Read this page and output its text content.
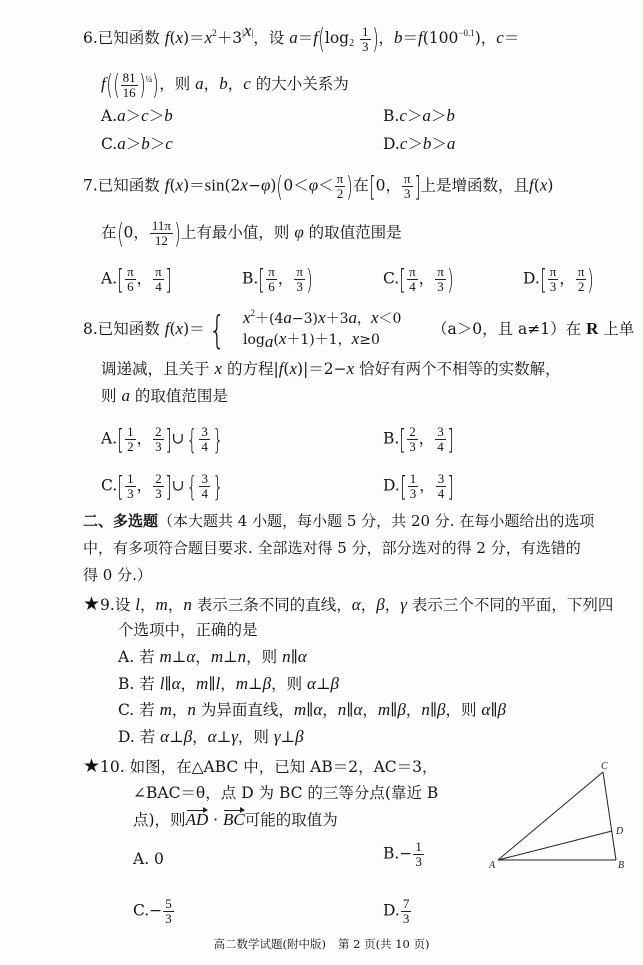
6.已知函数 $f(x)=x^2+3^{|x|}$，设 $a=f(\log_2 \frac{1}{3}$ )，$b=f(100^{-0.1})$，c＝
$f(( \frac{81}{16} )^{\frac{1}{4}})$，则 a，b，c 的大小关系为
A.a＞c＞b	B.c＞a＞b
C.a＞b＞c	D.c＞b＞a
7.已知函数 $f(x)=\sin(2x-\varphi)(0<\varphi< \frac{\pi}{2}$ )在[0， $\frac{\pi}{3}$ ]上是增函数，且f(x)
在(0， $\frac{11\pi}{12}$ )上有最小值，则 φ 的取值范围是
$A.[ \frac{\pi}{6}$ ， $\frac{\pi}{4}$ ]	$B.[ \frac{\pi}{6}$ ， $\frac{\pi}{3}$ )	$C.[ \frac{\pi}{4}$ ， $\frac{\pi}{3}$ )	$D.[ \frac{\pi}{3}$ ， $\frac{\pi}{2}$ )
8.已知函数 f(x)＝{ $x^2+(4a-3)x+3a$，x＜0
$\log_a(x+1)+1$，x≥0
（a＞0，且 a≠1）在 R 上单
调递减，且关于 x 的方程|f(x)|＝2−x 恰好有两个不相等的实数解，
则 a 的取值范围是
$A.[ \frac{1}{2}$ ， $\frac{2}{3}$ ]∪{ $\frac{3}{4}$ }	$B.[ \frac{2}{3}$ ， $\frac{3}{4}$ ]
$C.[ \frac{1}{3}$ ， $\frac{2}{3}$ ]∪{ $\frac{3}{4}$ }	$D.[ \frac{1}{3}$ ， $\frac{3}{4}$ ]
二、多选题（本大题共 4 小题，每小题 5 分，共 20 分. 在每小题给出的选项
中，有多项符合题目要求. 全部选对得 5 分，部分选对的得 2 分，有选错的
得 0 分.）
★9.设 l，m，n 表示三条不同的直线，α，β，γ 表示三个不同的平面，下列四
个选项中，正确的是
A. 若 m⊥α，m⊥n，则 n∥α
B. 若 l∥α，m∥l，m⊥β，则 α⊥β
C. 若 m，n 为异面直线，m∥α，n∥α，m∥β，n∥β，则 α∥β
D. 若 α⊥β，α⊥γ，则 γ⊥β
★10. 如图，在△ABC 中，已知 AB＝2，AC＝3，
∠BAC＝θ，点 D 为 BC 的三等分点(靠近 B
点)，则AD · BC可能的取值为
A. 0	$B.- \frac{1}{3}$
$C.- \frac{5}{3}$	D. $\frac{7}{3}$
C
D
A	B
高二数学试题(附中版) 第 2 页(共 10 页)
